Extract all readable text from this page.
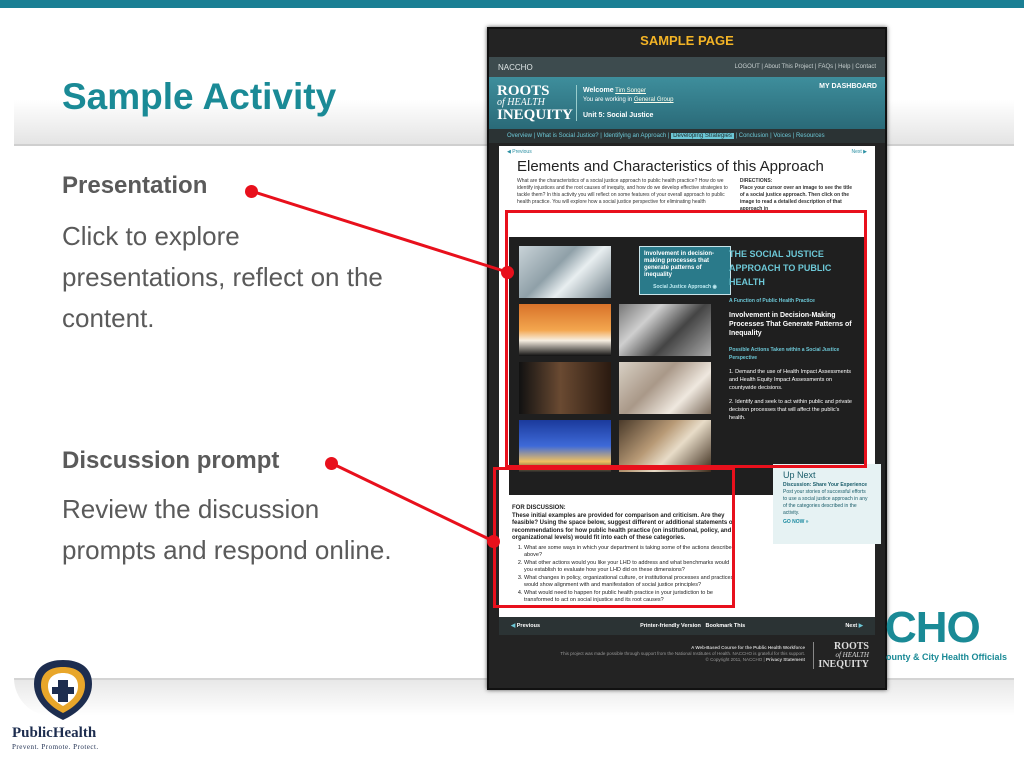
Sample Activity
Presentation
Click to explore presentations, reflect on the content.
Discussion prompt
Review the discussion prompts and respond online.
SAMPLE PAGE
NACCHO	LOGOUT | About This Project | FAQs | Help | Contact
ROOTS
of HEALTH
INEQUITY
Welcome Tim Songer
You are working in General Group
Unit 5: Social Justice
MY DASHBOARD
Overview | What is Social Justice? | Identifying an Approach | Developing Strategies | Conclusion | Voices | Resources
◀ Previous	Next ▶
Elements and Characteristics of this Approach
What are the characteristics of a social justice approach to public health practice? How do we identify injustices and the root causes of inequity, and how do we develop effective strategies to tackle them? In this activity you will reflect on some features of your overall approach to public health practice. You will explore how a social justice perspective for eliminating health
DIRECTIONS:
Place your cursor over an image to see the title of a social justice approach. Then click on the image to read a detailed description of that approach in
Involvement in decision-making processes that generate patterns of inequality
Social Justice Approach ◉
THE SOCIAL JUSTICE APPROACH TO PUBLIC HEALTH
A Function of Public Health Practice
Involvement in Decision-Making Processes That Generate Patterns of Inequality
Possible Actions Taken within a Social Justice Perspective

1. Demand the use of Health Impact Assessments and Health Equity Impact Assessments on countywide decisions.

2. Identify and seek to act within public and private decision processes that will affect the public's health.

FOR DISCUSSION:
These initial examples are provided for comparison and criticism. Are they feasible? Using the space below, suggest different or additional statements or recommendations for how public health practice (on institutional, policy, and organizational levels) would fit into each of these categories.
1. What are some ways in which your department is taking some of the actions described above?
2. What other actions would you like your LHD to address and what benchmarks would you establish to evaluate how your LHD did on these dimensions?
3. What changes in policy, organizational culture, or institutional processes and practices would show alignment with and manifestation of social justice principles?
4. What would need to happen for public health practice in your jurisdiction to be transformed to act on social injustice and its root causes?
Up Next
Discussion: Share Your Experience
Post your stories of successful efforts to use a social justice approach in any of the categories described in the activity.
GO NOW »
◀ Previous	Printer-friendly Version Bookmark This	Next ▶
A Web-Based Course for the Public Health Workforce
This project was made possible through support from the National Institutes of Health. NACCHO is grateful for this support.
© Copyright 2011, NACCHO | Privacy Statement
ROOTS
of HEALTH
INEQUITY
CHO
ounty & City Health Officials
PublicHealth
Prevent. Promote. Protect.
